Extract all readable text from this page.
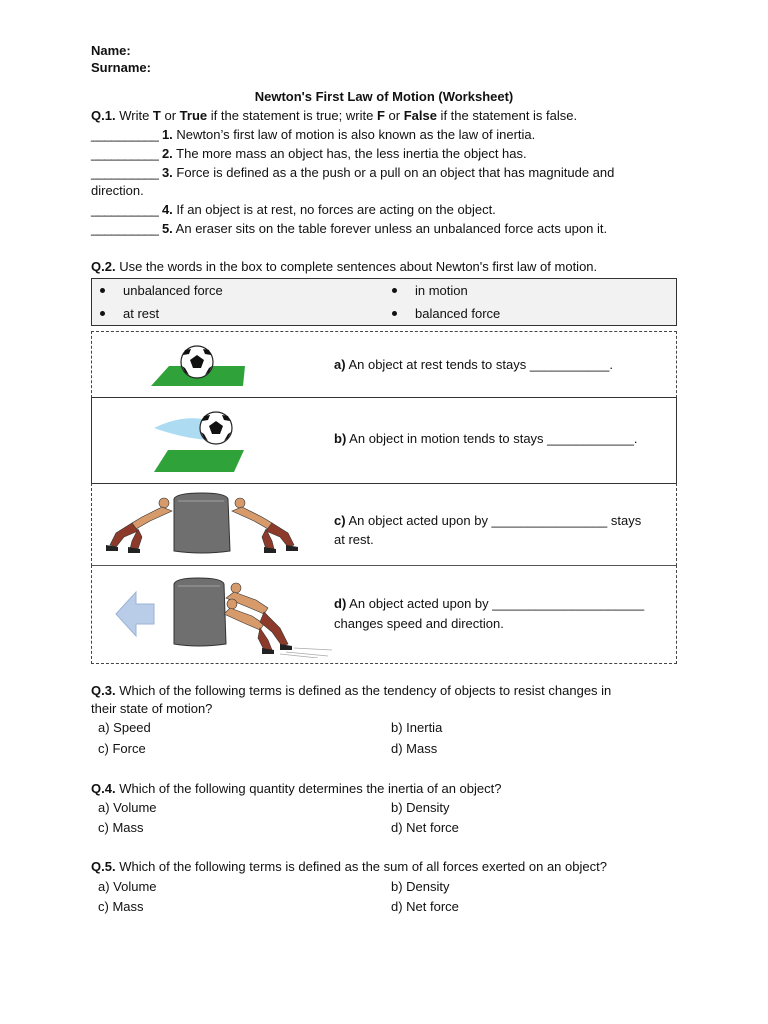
Name:
Surname:
Newton's First Law of Motion (Worksheet)
Q.1. Write T or True if the statement is true; write F or False if the statement is false.
__________ 1. Newton’s first law of motion is also known as the law of inertia.
__________ 2. The more mass an object has, the less inertia the object has.
__________ 3. Force is defined as a the push or a pull on an object that has magnitude and
direction.
__________ 4. If an object is at rest, no forces are acting on the object.
__________ 5. An eraser sits on the table forever unless an unbalanced force acts upon it.
Q.2. Use the words in the box to complete sentences about Newton's first law of motion.
unbalanced force	in motion
at rest	balanced force
a) An object at rest tends to stays ___________.
b) An object in motion tends to stays ____________.
c) An object acted upon by ________________ stays
at rest.
d) An object acted upon by _____________________
changes speed and direction.
Q.3. Which of the following terms is defined as the tendency of objects to resist changes in
their state of motion?
a) Speed	b) Inertia
c) Force	d) Mass
Q.4. Which of the following quantity determines the inertia of an object?
a) Volume	b) Density
c) Mass	d) Net force
Q.5. Which of the following terms is defined as the sum of all forces exerted on an object?
a) Volume	b) Density
c) Mass	d) Net force
